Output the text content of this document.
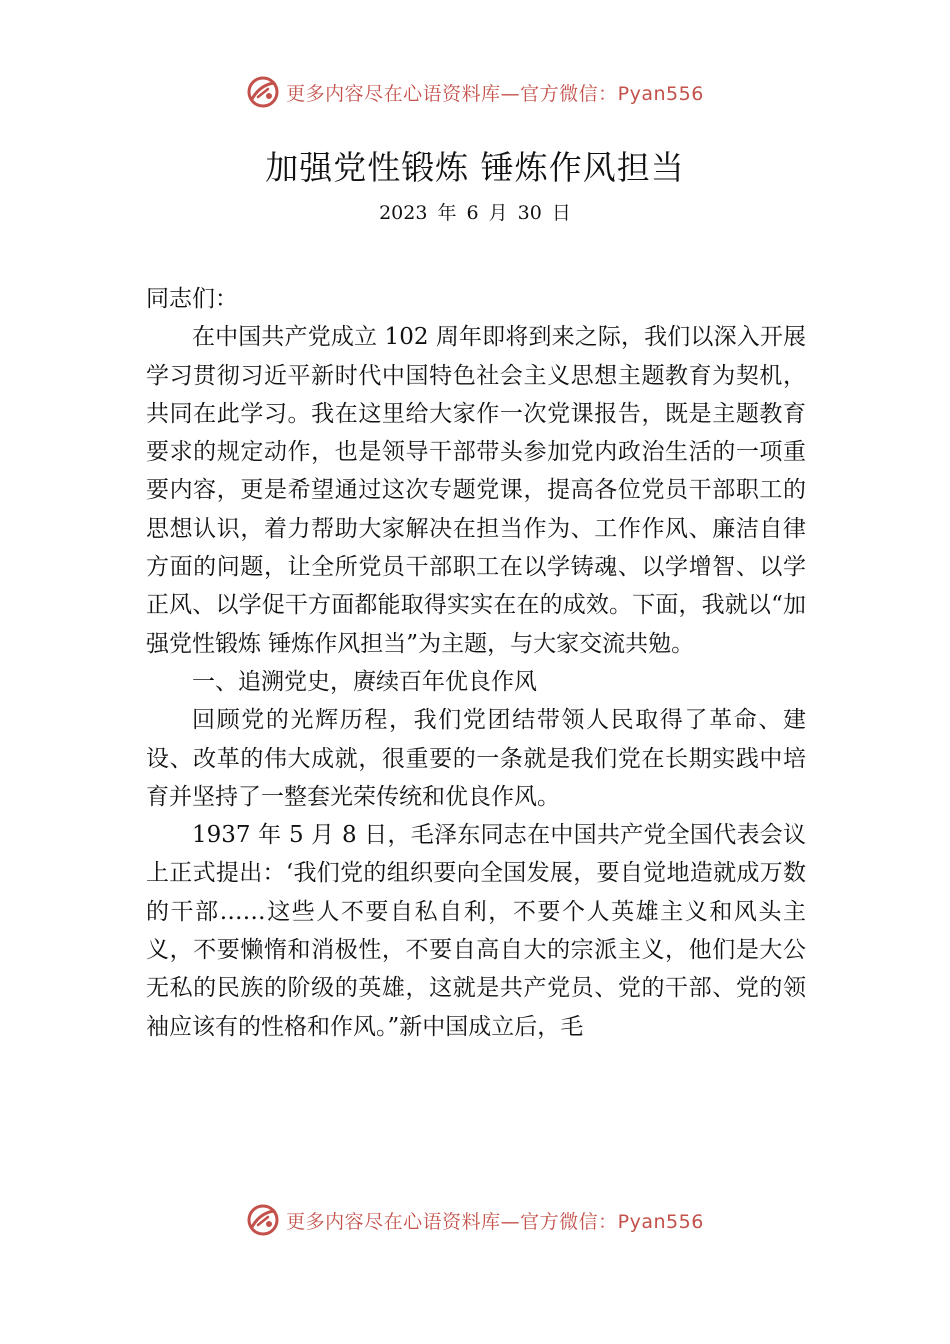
更多内容尽在心语资料库—官方微信：Pyan556
加强党性锻炼 锤炼作风担当
2023 年 6 月 30 日

同志们：

在中国共产党成立 102 周年即将到来之际，我们以深入开展学习贯彻习近平新时代中国特色社会主义思想主题教育为契机，共同在此学习。我在这里给大家作一次党课报告，既是主题教育要求的规定动作，也是领导干部带头参加党内政治生活的一项重要内容，更是希望通过这次专题党课，提高各位党员干部职工的思想认识，着力帮助大家解决在担当作为、工作作风、廉洁自律方面的问题，让全所党员干部职工在以学铸魂、以学增智、以学正风、以学促干方面都能取得实实在在的成效。下面，我就以“加强党性锻炼 锤炼作风担当”为主题，与大家交流共勉。

一、追溯党史，赓续百年优良作风

回顾党的光辉历程，我们党团结带领人民取得了革命、建设、改革的伟大成就，很重要的一条就是我们党在长期实践中培育并坚持了一整套光荣传统和优良作风。

1937 年 5 月 8 日，毛泽东同志在中国共产党全国代表会议上正式提出：‘我们党的组织要向全国发展，要自觉地造就成万数的干部……这些人不要自私自利，不要个人英雄主义和风头主义，不要懒惰和消极性，不要自高自大的宗派主义，他们是大公无私的民族的阶级的英雄，这就是共产党员、党的干部、党的领袖应该有的性格和作风。”新中国成立后，毛

更多内容尽在心语资料库—官方微信：Pyan556
